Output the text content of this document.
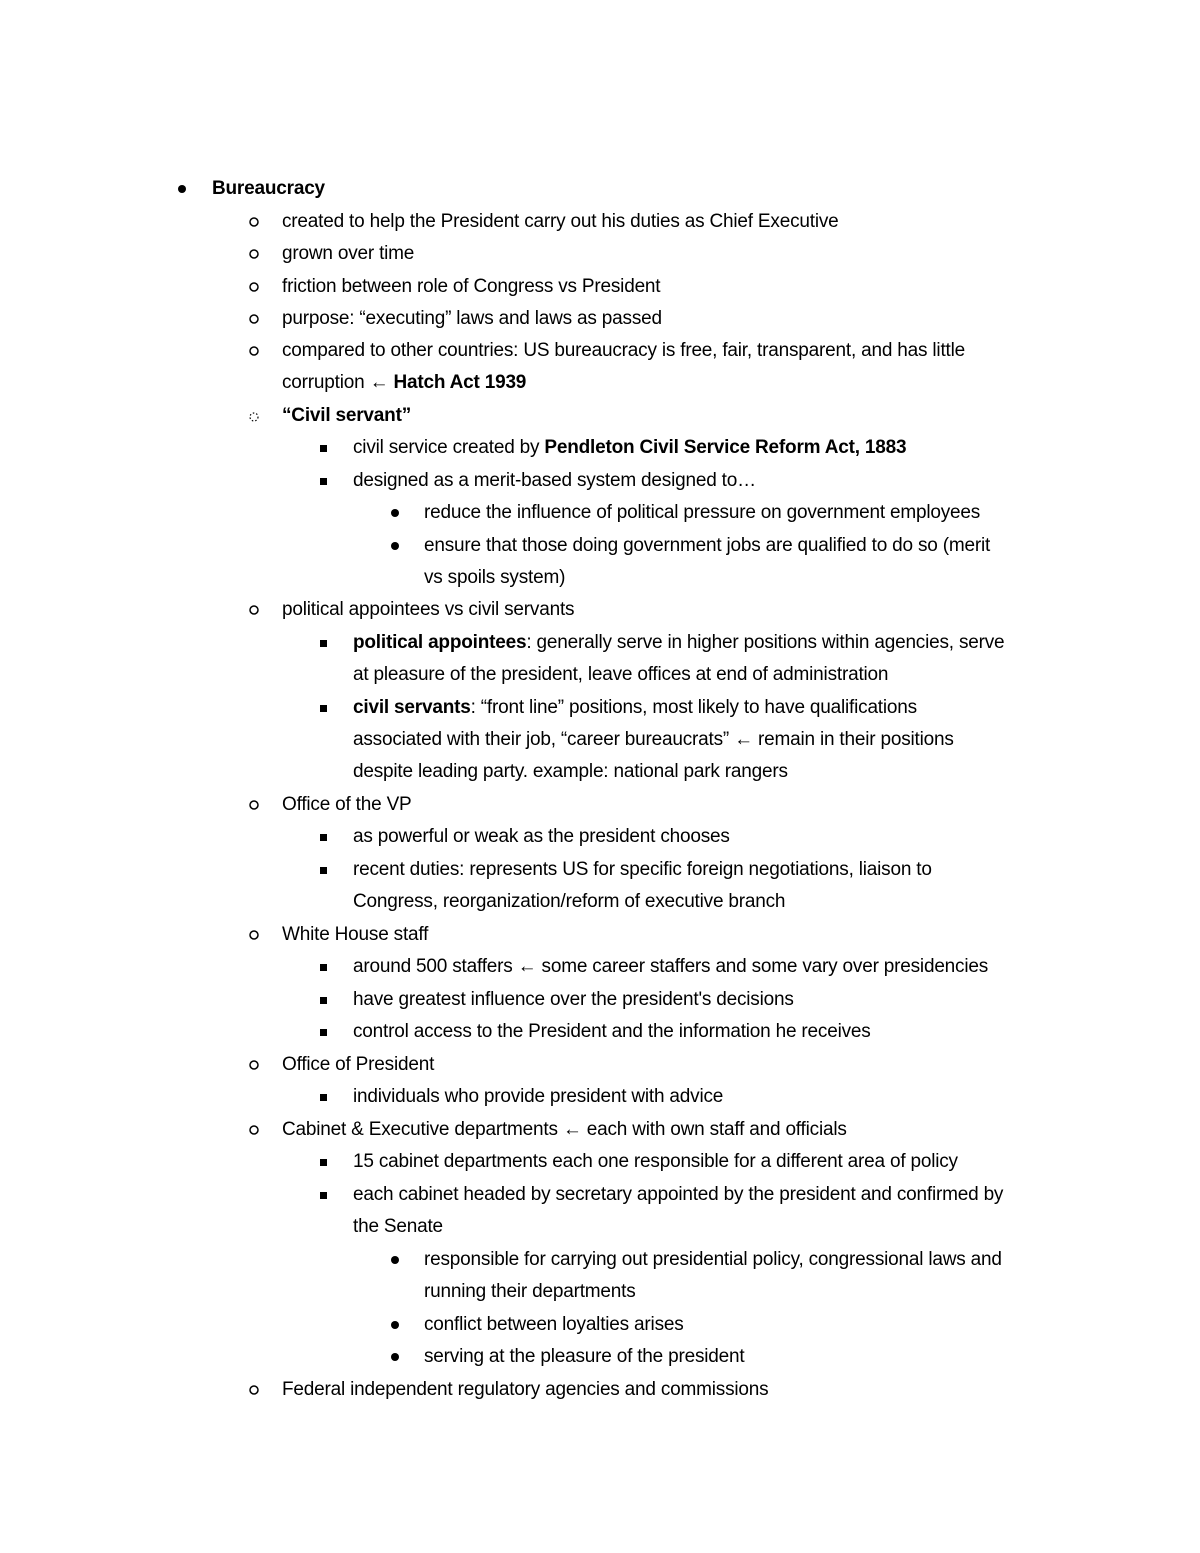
Bureaucracy
created to help the President carry out his duties as Chief Executive
grown over time
friction between role of Congress vs President
purpose: “executing” laws and laws as passed
compared to other countries: US bureaucracy is free, fair, transparent, and has little
corruption ← Hatch Act 1939
“Civil servant”
civil service created by Pendleton Civil Service Reform Act, 1883
designed as a merit-based system designed to…
reduce the influence of political pressure on government employees
ensure that those doing government jobs are qualified to do so (merit
vs spoils system)
political appointees vs civil servants
political appointees: generally serve in higher positions within agencies, serve
at pleasure of the president, leave offices at end of administration
civil servants: “front line” positions, most likely to have qualifications
associated with their job, “career bureaucrats” ← remain in their positions
despite leading party. example: national park rangers
Office of the VP
as powerful or weak as the president chooses
recent duties: represents US for specific foreign negotiations, liaison to
Congress, reorganization/reform of executive branch
White House staff
around 500 staffers ← some career staffers and some vary over presidencies
have greatest influence over the president's decisions
control access to the President and the information he receives
Office of President
individuals who provide president with advice
Cabinet & Executive departments ← each with own staff and officials
15 cabinet departments each one responsible for a different area of policy
each cabinet headed by secretary appointed by the president and confirmed by
the Senate
responsible for carrying out presidential policy, congressional laws and
running their departments
conflict between loyalties arises
serving at the pleasure of the president
Federal independent regulatory agencies and commissions
